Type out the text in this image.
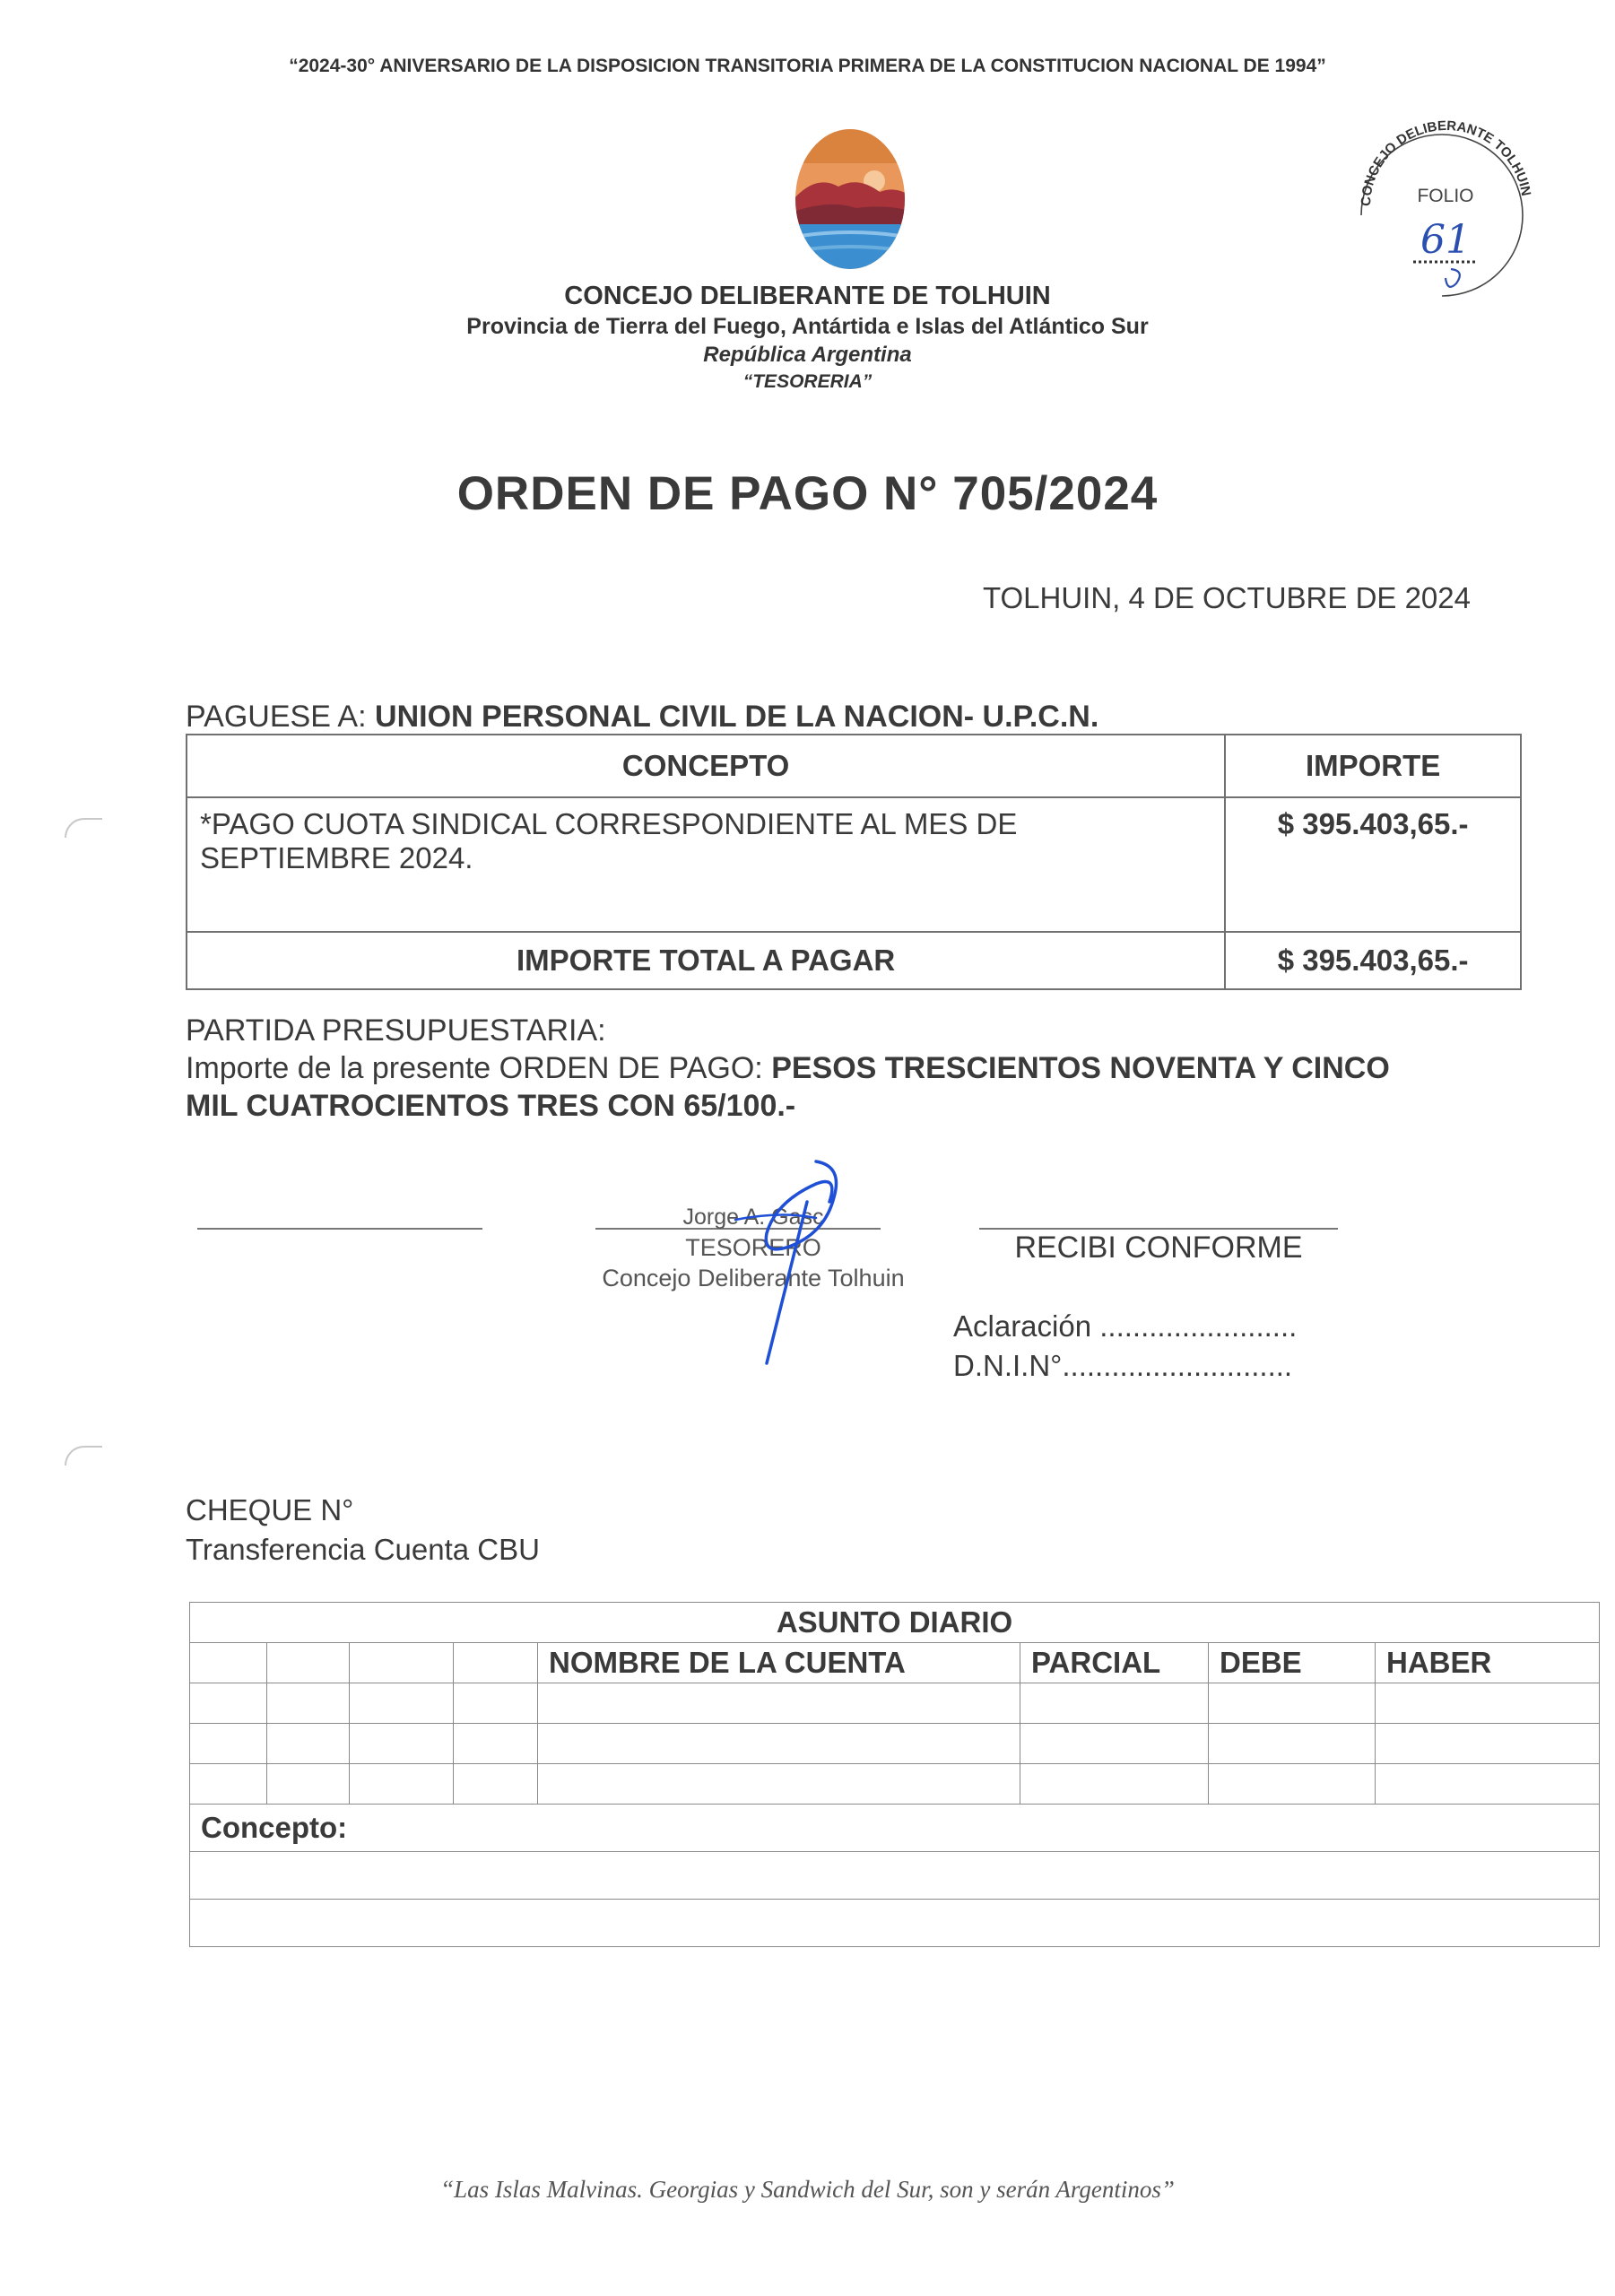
“2024-30° ANIVERSARIO DE LA DISPOSICION TRANSITORIA PRIMERA DE LA CONSTITUCION NACIONAL DE 1994”
CONCEJO DELIBERANTE DE TOLHUIN
Provincia de Tierra del Fuego, Antártida e Islas del Atlántico Sur
República Argentina
“TESORERIA”
CONCEJO DELIBERANTE TOLHUIN
FOLIO
61
ORDEN DE PAGO N° 705/2024
TOLHUIN, 4 DE OCTUBRE DE 2024
PAGUESE A: UNION PERSONAL CIVIL DE LA NACION- U.P.C.N.
CONCEPTO	IMPORTE

*PAGO CUOTA SINDICAL CORRESPONDIENTE AL MES DE
SEPTIEMBRE 2024.	$ 395.403,65.-
IMPORTE TOTAL A PAGAR	$ 395.403,65.-
PARTIDA PRESUPUESTARIA:
Importe de la presente ORDEN DE PAGO: PESOS TRESCIENTOS NOVENTA Y CINCO
MIL CUATROCIENTOS TRES CON 65/100.-
Jorge A. Gasc
TESORERO
Concejo Deliberante Tolhuin
RECIBI CONFORME
Aclaración ........................
D.N.I.N°............................
CHEQUE N°
Transferencia Cuenta CBU
ASUNTO DIARIO							
				NOMBRE DE LA CUENTA	PARCIAL	DEBE	HABER

Concepto:							

“Las Islas Malvinas. Georgias y Sandwich del Sur, son y serán Argentinos”
